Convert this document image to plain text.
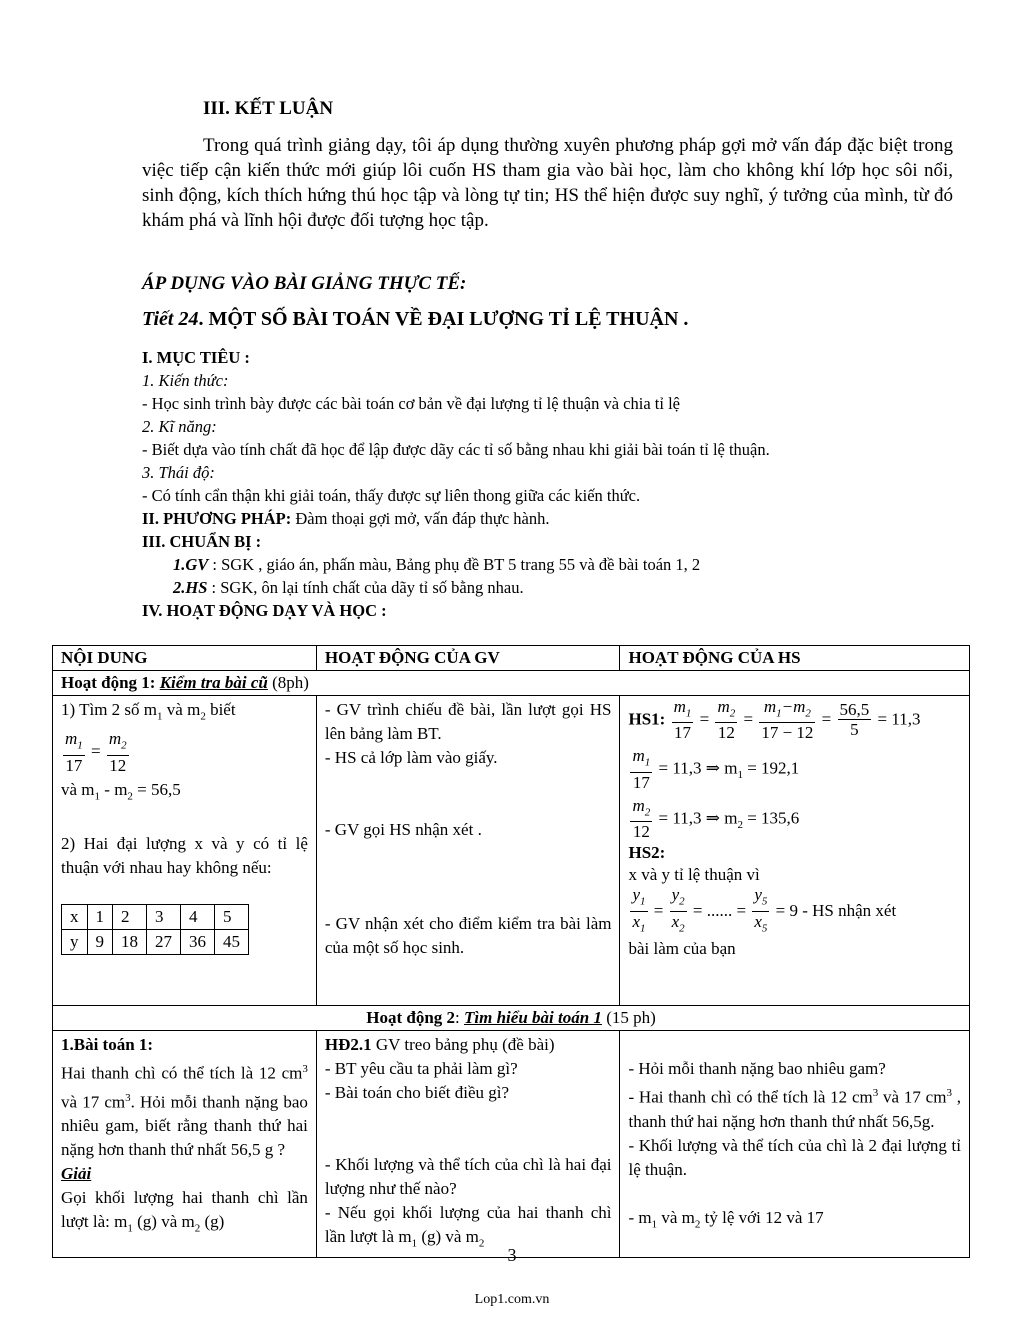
III. KẾT LUẬN
Trong quá trình giảng dạy, tôi áp dụng thường xuyên phương pháp gợi mở vấn đáp đặc biệt trong việc tiếp cận kiến thức mới giúp lôi cuốn HS tham gia vào bài học, làm cho không khí lớp học sôi nổi, sinh động, kích thích hứng thú học tập và lòng tự tin; HS thể hiện được suy nghĩ, ý tưởng của mình, từ đó khám phá và lĩnh hội được đối tượng học tập.
ÁP DỤNG VÀO BÀI GIẢNG THỰC TẾ:
Tiết 24. MỘT SỐ BÀI TOÁN VỀ ĐẠI LƯỢNG TỈ LỆ THUẬN .
I. MỤC TIÊU :
1. Kiến thức:
- Học sinh trình bày được các bài toán cơ bản về đại lượng tỉ lệ thuận và chia tỉ lệ
2. Kĩ năng:
- Biết dựa vào tính chất đã học để lập được dãy các tỉ số bằng nhau khi giải bài toán tỉ lệ thuận.
3. Thái độ:
- Có tính cẩn thận khi giải toán, thấy được sự liên thong giữa các kiến thức.
II. PHƯƠNG PHÁP: Đàm thoại gợi mở, vấn đáp thực hành.
III. CHUẨN BỊ :
1.GV : SGK , giáo án, phấn màu, Bảng phụ đề BT 5 trang 55 và đề bài toán 1, 2
2.HS : SGK, ôn lại tính chất của dãy tỉ số bằng nhau.
IV. HOẠT ĐỘNG DẠY VÀ HỌC :
NỘI DUNG	HOẠT ĐỘNG CỦA GV	HOẠT ĐỘNG CỦA HS
Hoạt động 1: Kiểm tra bài cũ (8ph)

1) Tìm 2 số $m_1$ và $m_2$ biết
$\frac{m_1}{17} = \frac{m_2}{12}$
và $m_1 - m_2 = 56,5$
2) Hai đại lượng x và y có tỉ lệ thuận với nhau hay không nếu:
x	1	2	3	4	5
y	9	18	27	36	45

- GV trình chiếu đề bài, lần lượt gọi HS lên bảng làm BT.
- HS cả lớp làm vào giấy.
- GV gọi HS nhận xét .
- GV nhận xét cho điểm kiểm tra bài làm của một số học sinh.

HS1: $\frac{m_1}{17} = \frac{m_2}{12} = \frac{m_1-m_2}{17 - 12} = \frac{56,5}{5} = 11,3$
$\frac{m_1}{17} = 11,3$ ⇒ $m_1 = 192,1$
$\frac{m_2}{12} = 11,3$ ⇒ $m_2 = 135,6$
HS2:
x và y tỉ lệ thuận vì
$\frac{y_1}{x_1} = \frac{y_2}{x_2}$ = ...... = $\frac{y_5}{x_5} = 9$ - HS nhận xét
bài làm của bạn

Hoạt động 2: Tìm hiểu bài toán 1 (15 ph)

1.Bài toán 1:
Hai thanh chì có thể tích là 12 $cm^3$ và 17 $cm^3$. Hỏi mỗi thanh nặng bao nhiêu gam, biết rằng thanh thứ hai nặng hơn thanh thứ nhất 56,5 g ?
Giải
Gọi khối lượng hai thanh chì lần lượt là: $m_1$ (g) và $m_2$ (g)

HĐ2.1 GV treo bảng phụ (đề bài)
- BT yêu cầu ta phải làm gì?
- Bài toán cho biết điều gì?
- Khối lượng và thể tích của chì là hai đại lượng như thế nào?
- Nếu gọi khối lượng của hai thanh chì lần lượt là $m_1$ (g) và $m_2$

- Hỏi mỗi thanh nặng bao nhiêu gam?
- Hai thanh chì có thể tích là 12 $cm^3$ và 17 $cm^3$ , thanh thứ hai nặng hơn thanh thứ nhất 56,5g.
- Khối lượng và thể tích của chì là 2 đại lượng tỉ lệ thuận.
- $m_1$ và $m_2$ tỷ lệ với 12 và 17
3
Lop1.com.vn
